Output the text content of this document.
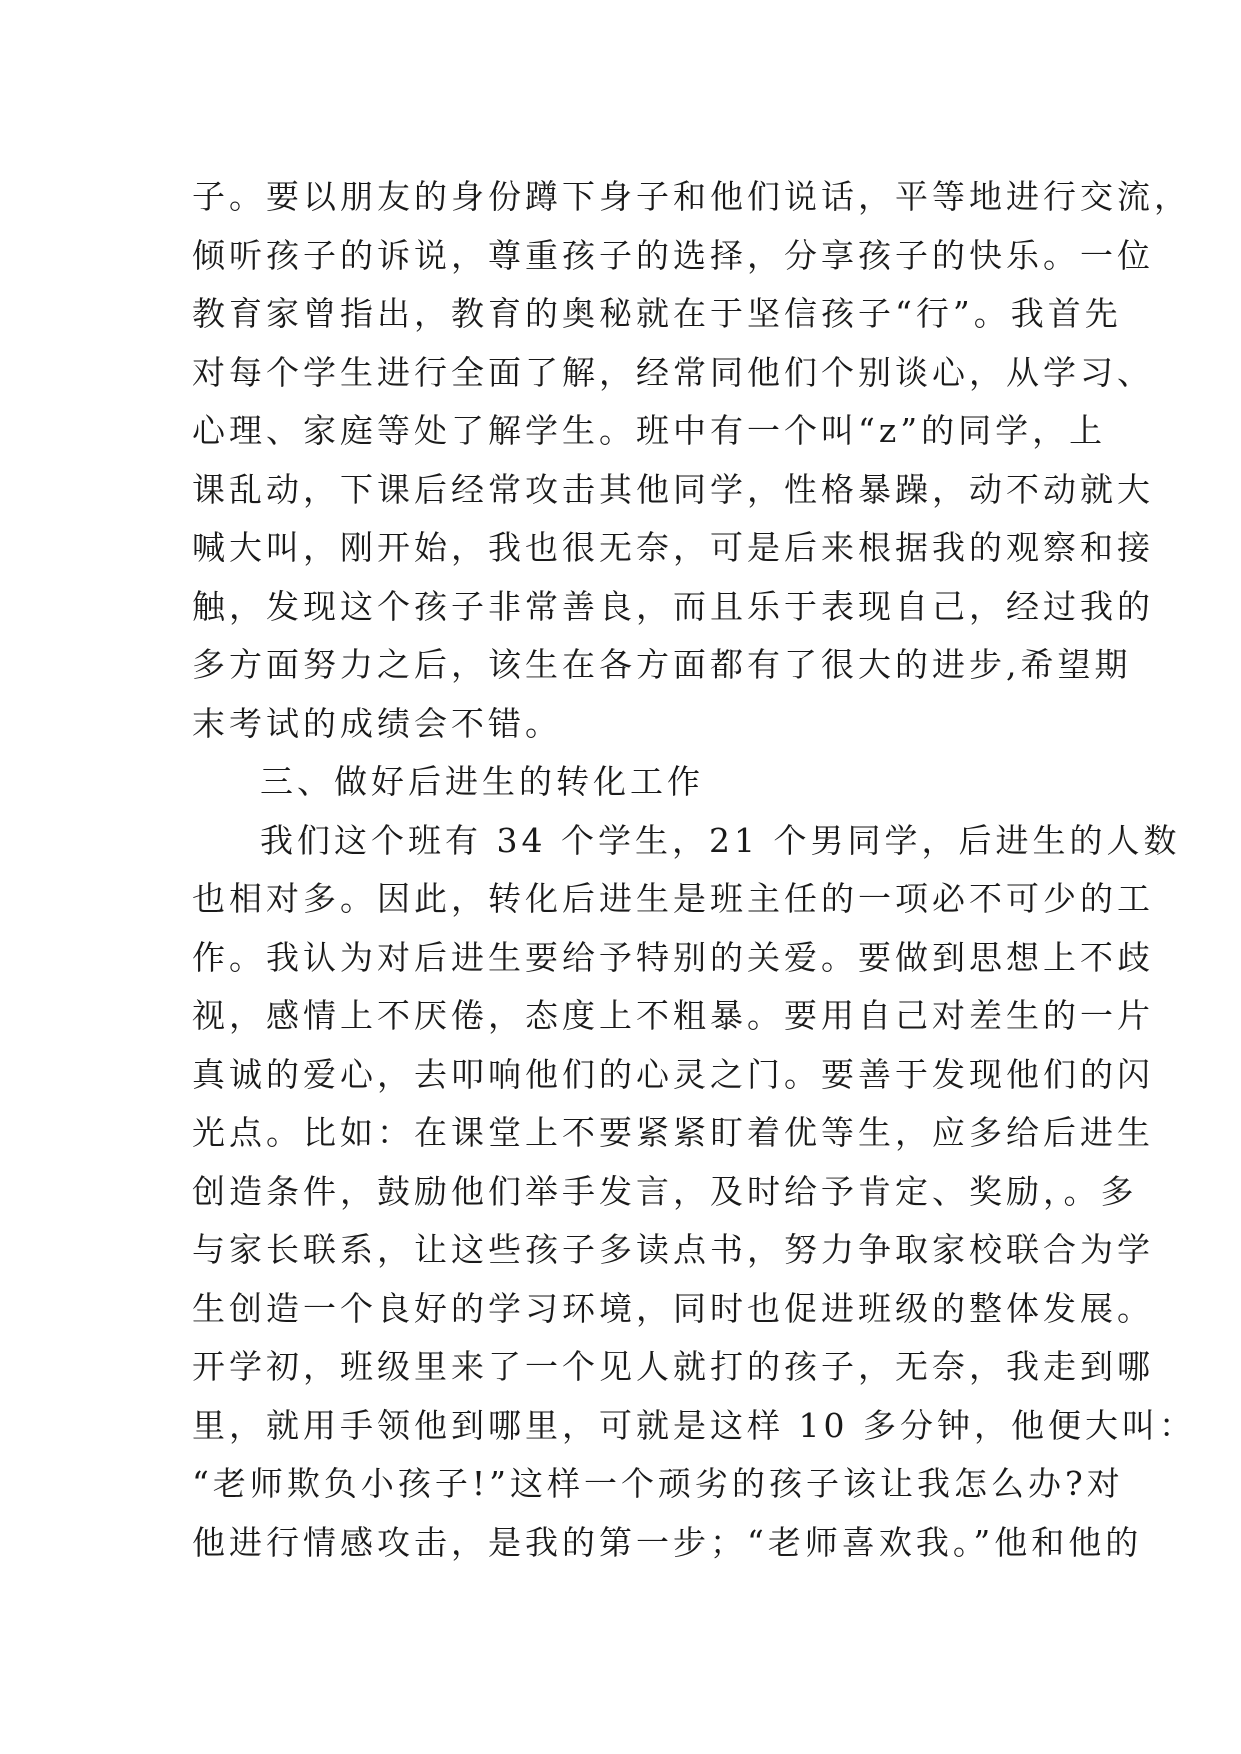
子。要以朋友的身份蹲下身子和他们说话，平等地进行交流，
倾听孩子的诉说，尊重孩子的选择，分享孩子的快乐。一位
教育家曾指出，教育的奥秘就在于坚信孩子“行”。我首先
对每个学生进行全面了解，经常同他们个别谈心，从学习、
心理、家庭等处了解学生。班中有一个叫“z”的同学，上
课乱动，下课后经常攻击其他同学，性格暴躁，动不动就大
喊大叫，刚开始，我也很无奈，可是后来根据我的观察和接
触，发现这个孩子非常善良，而且乐于表现自己，经过我的
多方面努力之后，该生在各方面都有了很大的进步,希望期
末考试的成绩会不错。
三、做好后进生的转化工作
我们这个班有 34 个学生，21 个男同学，后进生的人数
也相对多。因此，转化后进生是班主任的一项必不可少的工
作。我认为对后进生要给予特别的关爱。要做到思想上不歧
视，感情上不厌倦，态度上不粗暴。要用自己对差生的一片
真诚的爱心，去叩响他们的心灵之门。要善于发现他们的闪
光点。比如：在课堂上不要紧紧盯着优等生，应多给后进生
创造条件，鼓励他们举手发言，及时给予肯定、奖励，。多
与家长联系，让这些孩子多读点书，努力争取家校联合为学
生创造一个良好的学习环境，同时也促进班级的整体发展。
开学初，班级里来了一个见人就打的孩子，无奈，我走到哪
里，就用手领他到哪里，可就是这样 10 多分钟，他便大叫：
“老师欺负小孩子!”这样一个顽劣的孩子该让我怎么办?对
他进行情感攻击，是我的第一步；“老师喜欢我。”他和他的
